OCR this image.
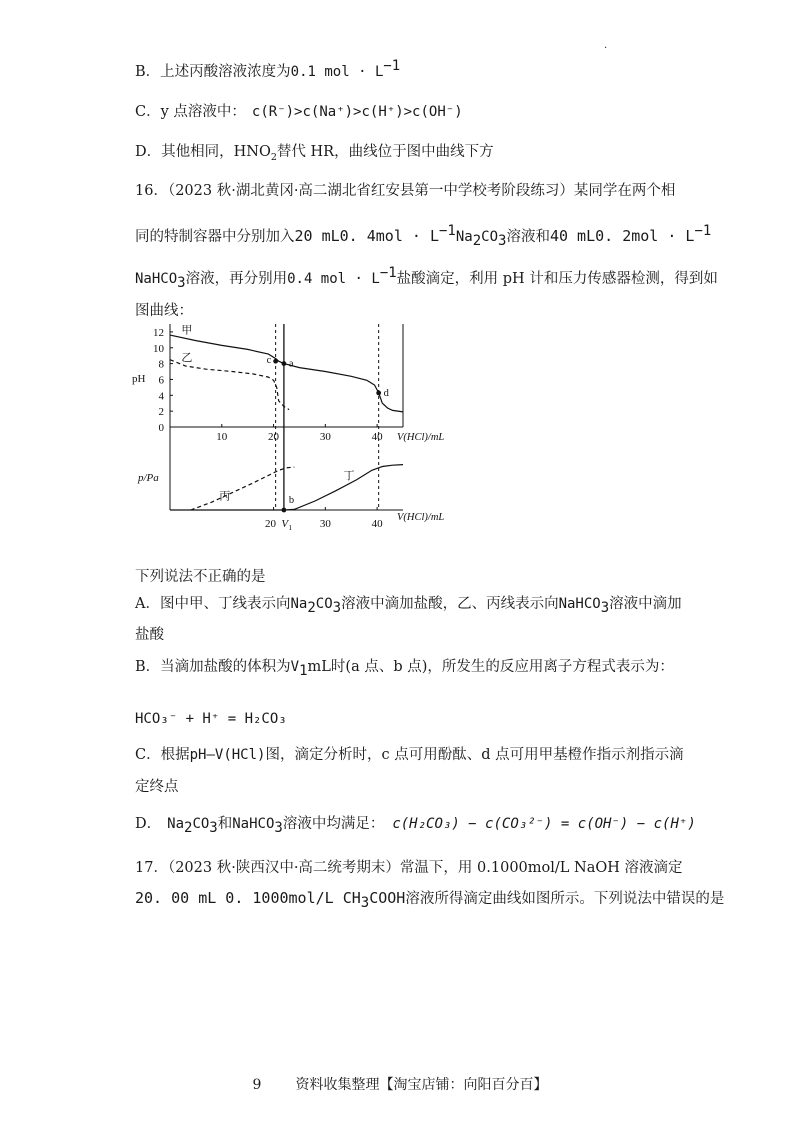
.
B．上述丙酸溶液浓度为0.1 mol · $L^{-1}$
C．y 点溶液中： c(R⁻)>c(Na⁺)>c(H⁺)>c(OH⁻)
D．其他相同，$HNO_2$替代 HR，曲线位于图中曲线下方
16．（2023 秋·湖北黄冈·高二湖北省红安县第一中学校考阶段练习）某同学在两个相
同的特制容器中分别加入20 mL0. $4mol \cdot L^{-1}Na_2CO_3$溶液和40 mL0. $2mol \cdot L^{-1}$
NaHCO$_3$溶液，再分别用0.4 mol · $L^{-1}$盐酸滴定，利用 pH 计和压力传感器检测，得到如
图曲线：
0
2
4
6
8
10
12
10	20	30	40
pH
V(HCl)/mL
20 V 1	30	40
p/Pa
V(HCl)/mL
甲
乙
丙
丁
c a
d
b
下列说法不正确的是
A．图中甲、丁线表示向$Na_2CO_3$溶液中滴加盐酸，乙、丙线表示向NaHCO$_3$溶液中滴加
盐酸
B．当滴加盐酸的体积为$V_1mL$时(a 点、b 点)，所发生的反应用离子方程式表示为：
HCO₃⁻ + H⁺ = H₂CO₃
C．根据pH—V(HCl)图，滴定分析时，c 点可用酚酞、d 点可用甲基橙作指示剂指示滴
定终点
D． $Na_2CO_3$和NaHCO$_3$溶液中均满足： c(H₂CO₃) − c(CO₃²⁻) = c(OH⁻) − c(H⁺)
17．（2023 秋·陕西汉中·高二统考期末）常温下，用 0.1000mol/L NaOH 溶液滴定
20. 00 mL 0. 1000mol/L $CH_3COOH$溶液所得滴定曲线如图所示。下列说法中错误的是
9 资料收集整理【淘宝店铺：向阳百分百】
